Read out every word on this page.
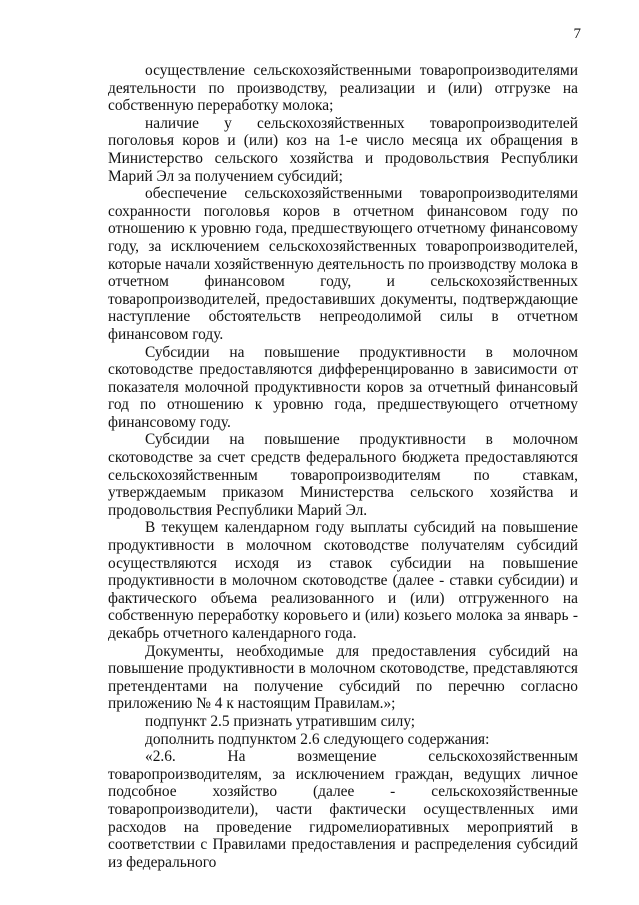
7

осуществление сельскохозяйственными товаропроизводителями деятельности по производству, реализации и (или) отгрузке на собственную переработку молока;

наличие у сельскохозяйственных товаропроизводителей поголовья коров и (или) коз на 1-е число месяца их обращения в Министерство сельского хозяйства и продовольствия Республики Марий Эл за получением субсидий;

обеспечение сельскохозяйственными товаропроизводителями сохранности поголовья коров в отчетном финансовом году по отношению к уровню года, предшествующего отчетному финансовому году, за исключением сельскохозяйственных товаропроизводителей, которые начали хозяйственную деятельность по производству молока в отчетном финансовом году, и сельскохозяйственных товаропроизводителей, предоставивших документы, подтверждающие наступление обстоятельств непреодолимой силы в отчетном финансовом году.

Субсидии на повышение продуктивности в молочном скотоводстве предоставляются дифференцированно в зависимости от показателя молочной продуктивности коров за отчетный финансовый год по отношению к уровню года, предшествующего отчетному финансовому году.

Субсидии на повышение продуктивности в молочном скотоводстве за счет средств федерального бюджета предоставляются сельскохозяйственным товаропроизводителям по ставкам, утверждаемым приказом Министерства сельского хозяйства и продовольствия Республики Марий Эл.

В текущем календарном году выплаты субсидий на повышение продуктивности в молочном скотоводстве получателям субсидий осуществляются исходя из ставок субсидии на повышение продуктивности в молочном скотоводстве (далее - ставки субсидии) и фактического объема реализованного и (или) отгруженного на собственную переработку коровьего и (или) козьего молока за январь - декабрь отчетного календарного года.

Документы, необходимые для предоставления субсидий на повышение продуктивности в молочном скотоводстве, представляются претендентами на получение субсидий по перечню согласно приложению № 4 к настоящим Правилам.»;

подпункт 2.5 признать утратившим силу;

дополнить подпунктом 2.6 следующего содержания:

«2.6. На возмещение сельскохозяйственным товаропроизводителям, за исключением граждан, ведущих личное подсобное хозяйство (далее - сельскохозяйственные товаропроизводители), части фактически осуществленных ими расходов на проведение гидромелиоративных мероприятий в соответствии с Правилами предоставления и распределения субсидий из федерального
